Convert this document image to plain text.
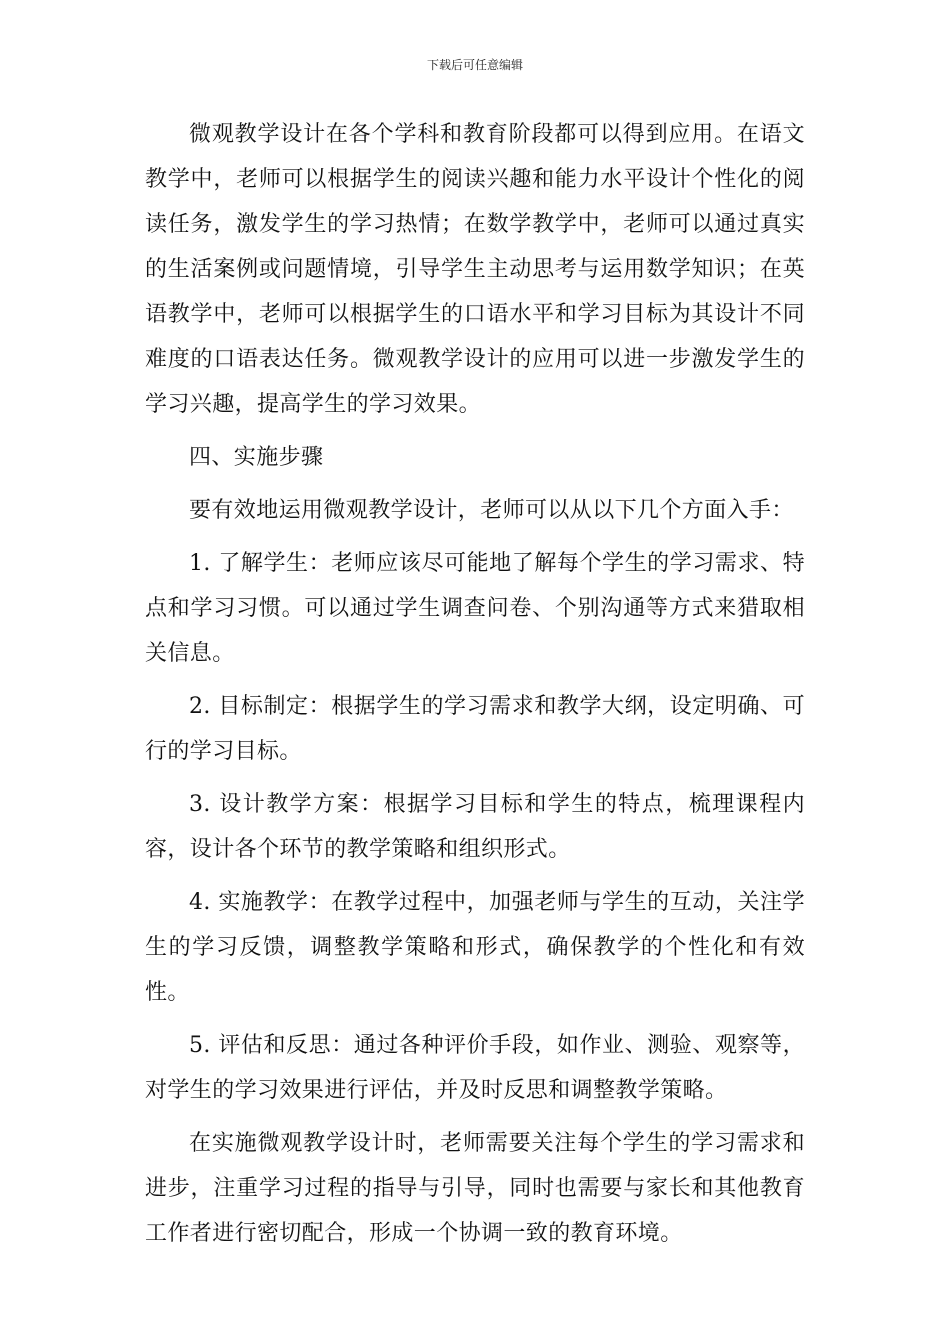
下载后可任意编辑

微观教学设计在各个学科和教育阶段都可以得到应用。在语文教学中，老师可以根据学生的阅读兴趣和能力水平设计个性化的阅读任务，激发学生的学习热情；在数学教学中，老师可以通过真实的生活案例或问题情境，引导学生主动思考与运用数学知识；在英语教学中，老师可以根据学生的口语水平和学习目标为其设计不同难度的口语表达任务。微观教学设计的应用可以进一步激发学生的学习兴趣，提高学生的学习效果。

四、实施步骤

要有效地运用微观教学设计，老师可以从以下几个方面入手：

1. 了解学生：老师应该尽可能地了解每个学生的学习需求、特点和学习习惯。可以通过学生调查问卷、个别沟通等方式来猎取相关信息。

2. 目标制定：根据学生的学习需求和教学大纲，设定明确、可行的学习目标。

3. 设计教学方案：根据学习目标和学生的特点，梳理课程内容，设计各个环节的教学策略和组织形式。

4. 实施教学：在教学过程中，加强老师与学生的互动，关注学生的学习反馈，调整教学策略和形式，确保教学的个性化和有效性。

5. 评估和反思：通过各种评价手段，如作业、测验、观察等，对学生的学习效果进行评估，并及时反思和调整教学策略。

在实施微观教学设计时，老师需要关注每个学生的学习需求和进步，注重学习过程的指导与引导，同时也需要与家长和其他教育工作者进行密切配合，形成一个协调一致的教育环境。
